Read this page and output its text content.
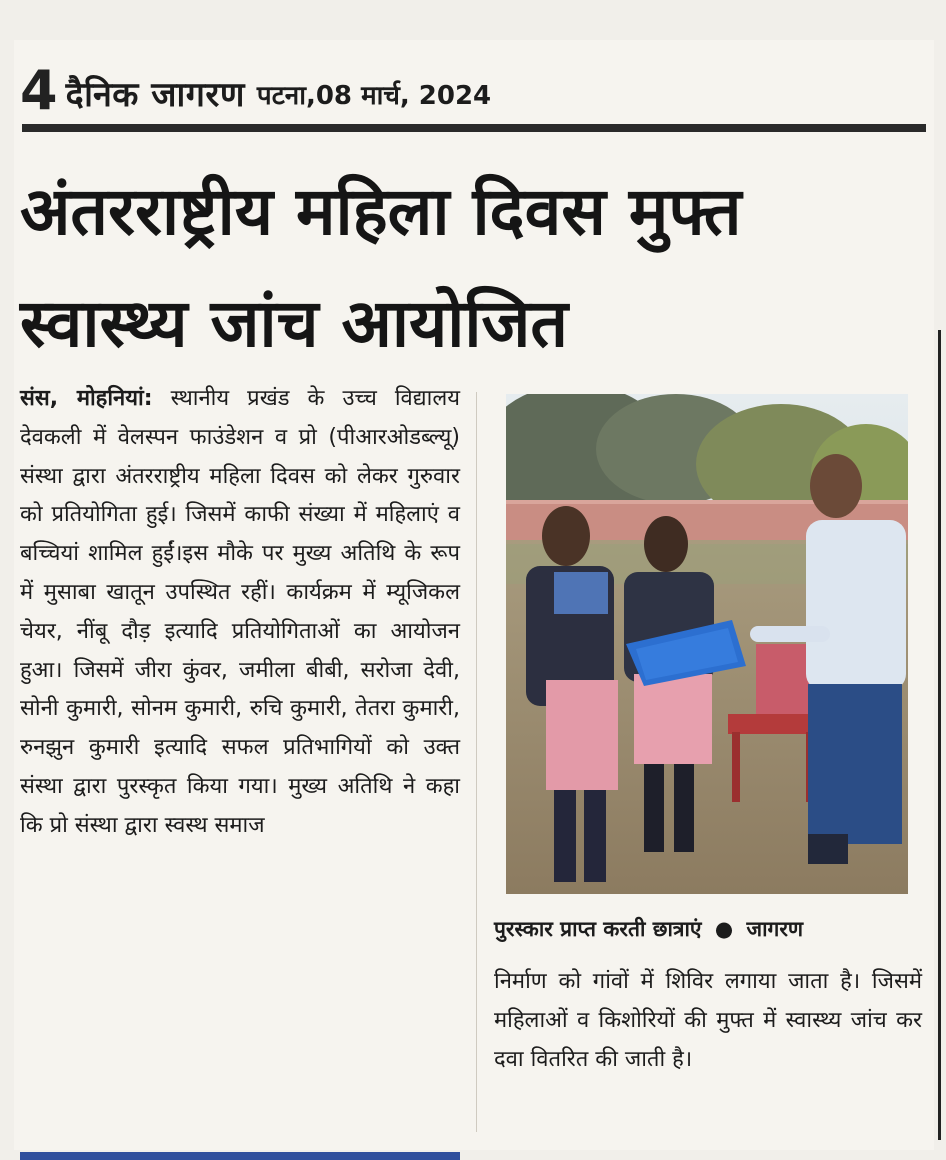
4 दैनिक जागरण पटना,08 मार्च, 2024
अंतरराष्ट्रीय महिला दिवस मुफ्त स्वास्थ्य जांच आयोजित

संस, मोहनियां: स्थानीय प्रखंड के उच्च विद्यालय देवकली में वेलस्पन फाउंडेशन व प्रो (पीआरओडब्ल्यू) संस्था द्वारा अंतरराष्ट्रीय महिला दिवस को लेकर गुरुवार को प्रतियोगिता हुई। जिसमें काफी संख्या में महिलाएं व बच्चियां शामिल हुईं।इस मौके पर मुख्य अतिथि के रूप में मुसाबा खातून उपस्थित रहीं। कार्यक्रम में म्यूजिकल चेयर, नींबू दौड़ इत्यादि प्रतियोगिताओं का आयोजन हुआ। जिसमें जीरा कुंवर, जमीला बीबी, सरोजा देवी, सोनी कुमारी, सोनम कुमारी, रुचि कुमारी, तेतरा कुमारी, रुनझुन कुमारी इत्यादि सफल प्रतिभागियों को उक्त संस्था द्वारा पुरस्कृत किया गया। मुख्य अतिथि ने कहा कि प्रो संस्था द्वारा स्वस्थ समाज

पुरस्कार प्राप्त करती छात्राएं ● जागरण

निर्माण को गांवों में शिविर लगाया जाता है। जिसमें महिलाओं व किशोरियों की मुफ्त में स्वास्थ्य जांच कर दवा वितरित की जाती है।
